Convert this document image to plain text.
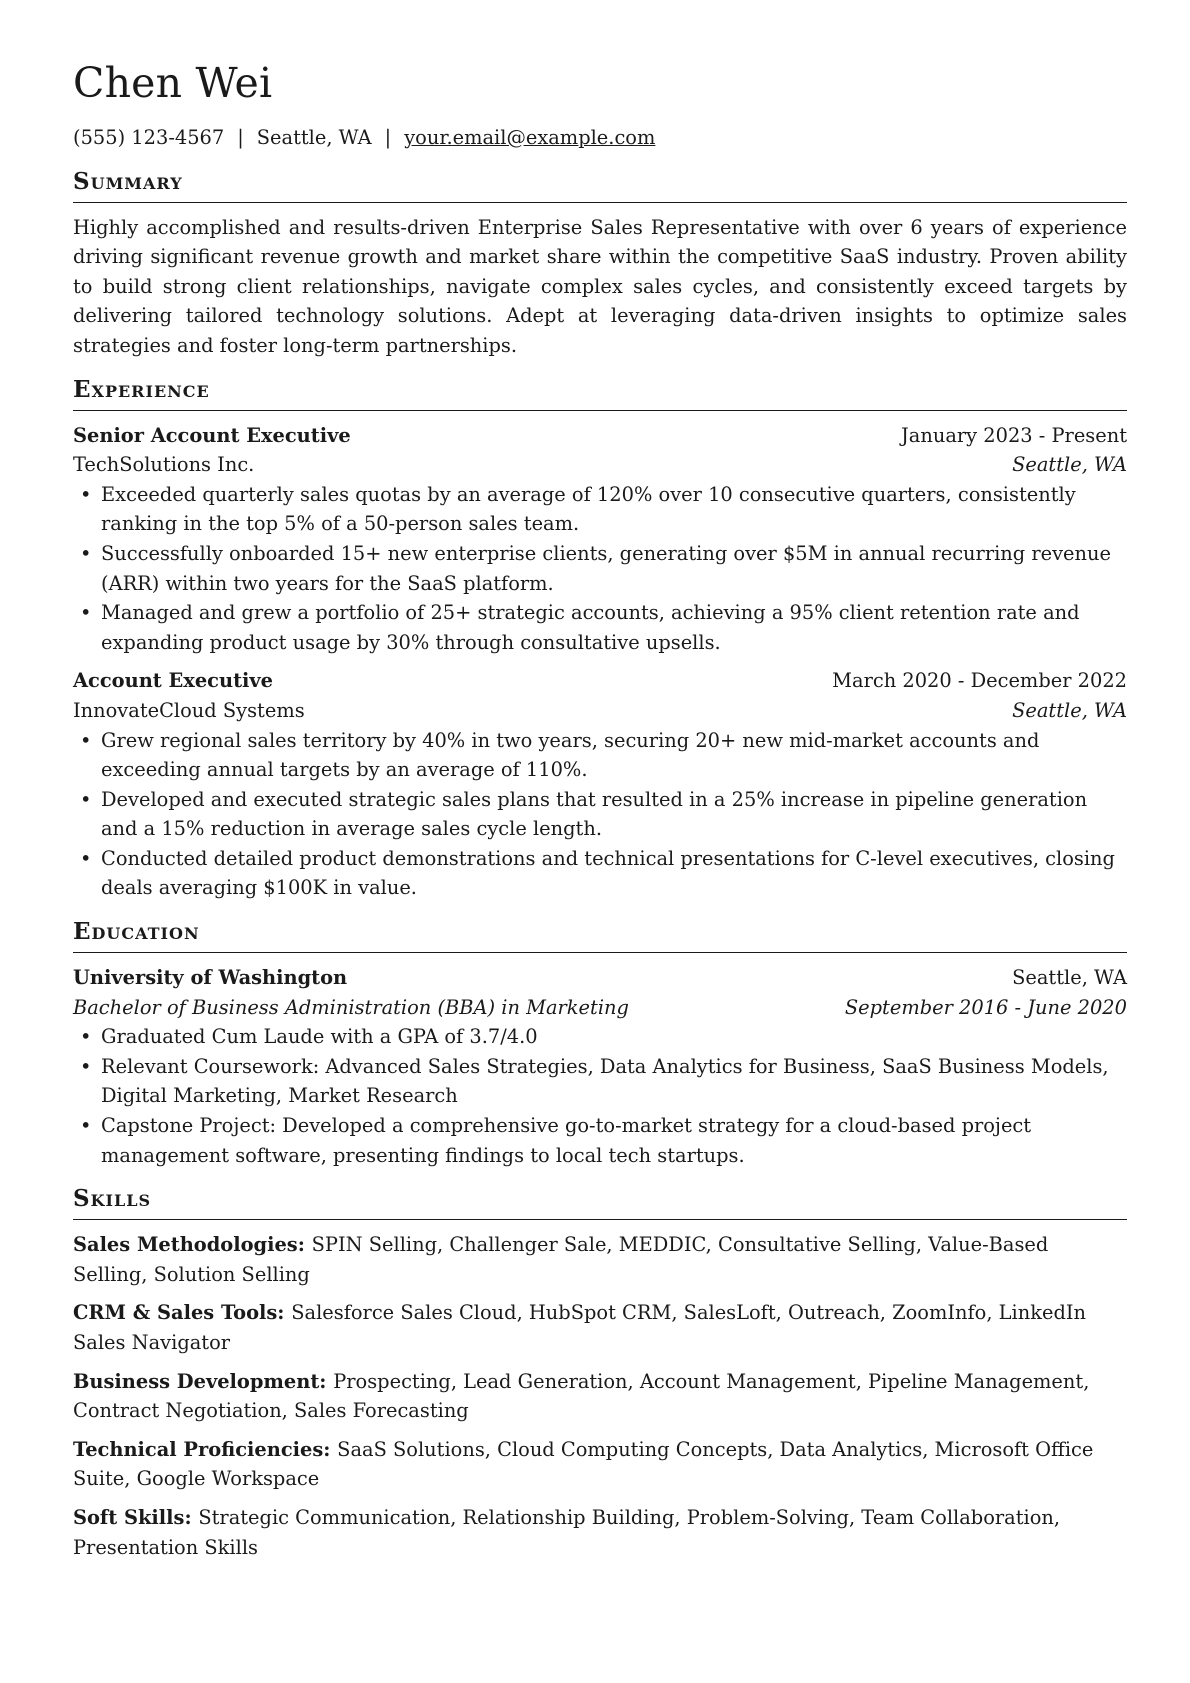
Chen Wei
(555) 123-4567 | Seattle, WA | your.email@example.com
Summary

Highly accomplished and results-driven Enterprise Sales Representative with over 6 years of experience driving significant revenue growth and market share within the competitive SaaS industry. Proven ability to build strong client relationships, navigate complex sales cycles, and consistently exceed targets by delivering tailored technology solutions. Adept at leveraging data-driven insights to optimize sales strategies and foster long-term partnerships.

Experience
Senior Account Executive	January 2023 - Present
TechSolutions Inc.	Seattle, WA
• Exceeded quarterly sales quotas by an average of 120% over 10 consecutive quarters, consistently ranking in the top 5% of a 50-person sales team.
• Successfully onboarded 15+ new enterprise clients, generating over $5M in annual recurring revenue (ARR) within two years for the SaaS platform.
• Managed and grew a portfolio of 25+ strategic accounts, achieving a 95% client retention rate and expanding product usage by 30% through consultative upsells.
Account Executive	March 2020 - December 2022
InnovateCloud Systems	Seattle, WA
• Grew regional sales territory by 40% in two years, securing 20+ new mid-market accounts and exceeding annual targets by an average of 110%.
• Developed and executed strategic sales plans that resulted in a 25% increase in pipeline generation and a 15% reduction in average sales cycle length.
• Conducted detailed product demonstrations and technical presentations for C-level executives, closing deals averaging $100K in value.
Education
University of Washington	Seattle, WA
Bachelor of Business Administration (BBA) in Marketing	September 2016 - June 2020
• Graduated Cum Laude with a GPA of 3.7/4.0
• Relevant Coursework: Advanced Sales Strategies, Data Analytics for Business, SaaS Business Models, Digital Marketing, Market Research
• Capstone Project: Developed a comprehensive go-to-market strategy for a cloud-based project management software, presenting findings to local tech startups.
Skills

Sales Methodologies: SPIN Selling, Challenger Sale, MEDDIC, Consultative Selling, Value-Based Selling, Solution Selling

CRM & Sales Tools: Salesforce Sales Cloud, HubSpot CRM, SalesLoft, Outreach, ZoomInfo, LinkedIn Sales Navigator

Business Development: Prospecting, Lead Generation, Account Management, Pipeline Management, Contract Negotiation, Sales Forecasting

Technical Proficiencies: SaaS Solutions, Cloud Computing Concepts, Data Analytics, Microsoft Office Suite, Google Workspace

Soft Skills: Strategic Communication, Relationship Building, Problem-Solving, Team Collaboration, Presentation Skills
